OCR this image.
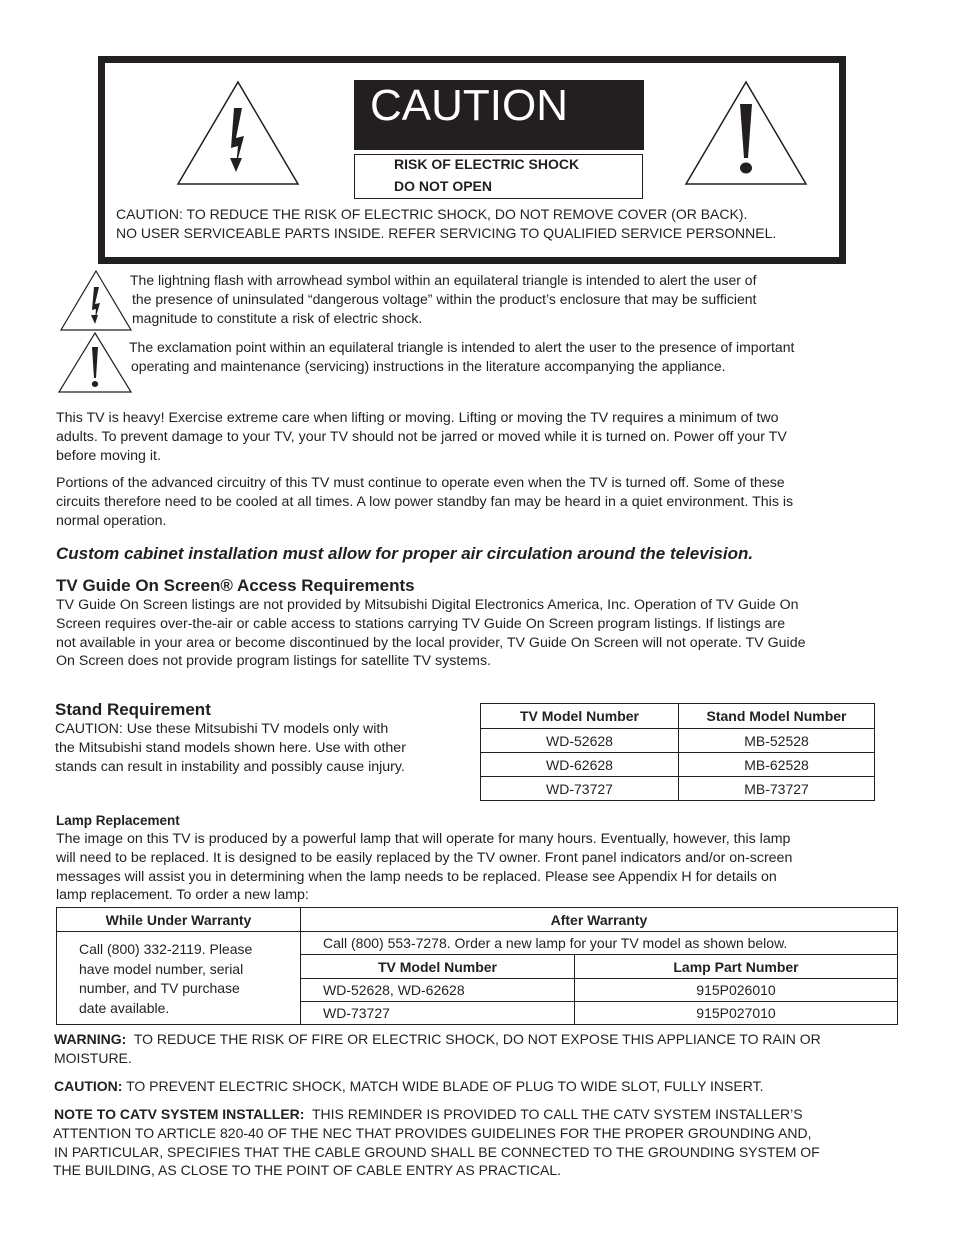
CAUTION
RISK OF ELECTRIC SHOCK
DO NOT OPEN
CAUTION: TO REDUCE THE RISK OF ELECTRIC SHOCK, DO NOT REMOVE COVER (OR BACK).
NO USER SERVICEABLE PARTS INSIDE. REFER SERVICING TO QUALIFIED SERVICE PERSONNEL.
The lightning flash with arrowhead symbol within an equilateral triangle is intended to alert the user of
the presence of uninsulated “dangerous voltage” within the product’s enclosure that may be sufficient
magnitude to constitute a risk of electric shock.
The exclamation point within an equilateral triangle is intended to alert the user to the presence of important
operating and maintenance (servicing) instructions in the literature accompanying the appliance.

This TV is heavy! Exercise extreme care when lifting or moving. Lifting or moving the TV requires a minimum of two

adults. To prevent damage to your TV, your TV should not be jarred or moved while it is turned on. Power off your TV

before moving it.

Portions of the advanced circuitry of this TV must continue to operate even when the TV is turned off. Some of these

circuits therefore need to be cooled at all times. A low power standby fan may be heard in a quiet environment. This is

normal operation.

Custom cabinet installation must allow for proper air circulation around the television.
TV Guide On Screen® Access Requirements

TV Guide On Screen listings are not provided by Mitsubishi Digital Electronics America, Inc. Operation of TV Guide On

Screen requires over-the-air or cable access to stations carrying TV Guide On Screen program listings. If listings are

not available in your area or become discontinued by the local provider, TV Guide On Screen will not operate. TV Guide

On Screen does not provide program listings for satellite TV systems.

Stand Requirement

CAUTION: Use these Mitsubishi TV models only with

the Mitsubishi stand models shown here. Use with other

stands can result in instability and possibly cause injury.

TV Model Number	Stand Model Number
WD-52628	MB-52528
WD-62628	MB-62528
WD-73727	MB-73727
Lamp Replacement

The image on this TV is produced by a powerful lamp that will operate for many hours. Eventually, however, this lamp

will need to be replaced. It is designed to be easily replaced by the TV owner. Front panel indicators and/or on-screen

messages will assist you in determining when the lamp needs to be replaced. Please see Appendix H for details on

lamp replacement. To order a new lamp:

While Under Warranty	After Warranty	

Call (800) 332-2119. Please
have model number, serial
number, and TV purchase
date available.	Call (800) 553-7278. Order a new lamp for your TV model as shown below.	
	TV Model Number	Lamp Part Number
	WD-52628, WD-62628	915P026010
	WD-73727	915P027010

WARNING:  TO REDUCE THE RISK OF FIRE OR ELECTRIC SHOCK, DO NOT EXPOSE THIS APPLIANCE TO RAIN OR

MOISTURE.

CAUTION: TO PREVENT ELECTRIC SHOCK, MATCH WIDE BLADE OF PLUG TO WIDE SLOT, FULLY INSERT.

NOTE TO CATV SYSTEM INSTALLER:  THIS REMINDER IS PROVIDED TO CALL THE CATV SYSTEM INSTALLER’S

ATTENTION TO ARTICLE 820-40 OF THE NEC THAT PROVIDES GUIDELINES FOR THE PROPER GROUNDING AND,

IN PARTICULAR, SPECIFIES THAT THE CABLE GROUND SHALL BE CONNECTED TO THE GROUNDING SYSTEM OF

THE BUILDING, AS CLOSE TO THE POINT OF CABLE ENTRY AS PRACTICAL.
